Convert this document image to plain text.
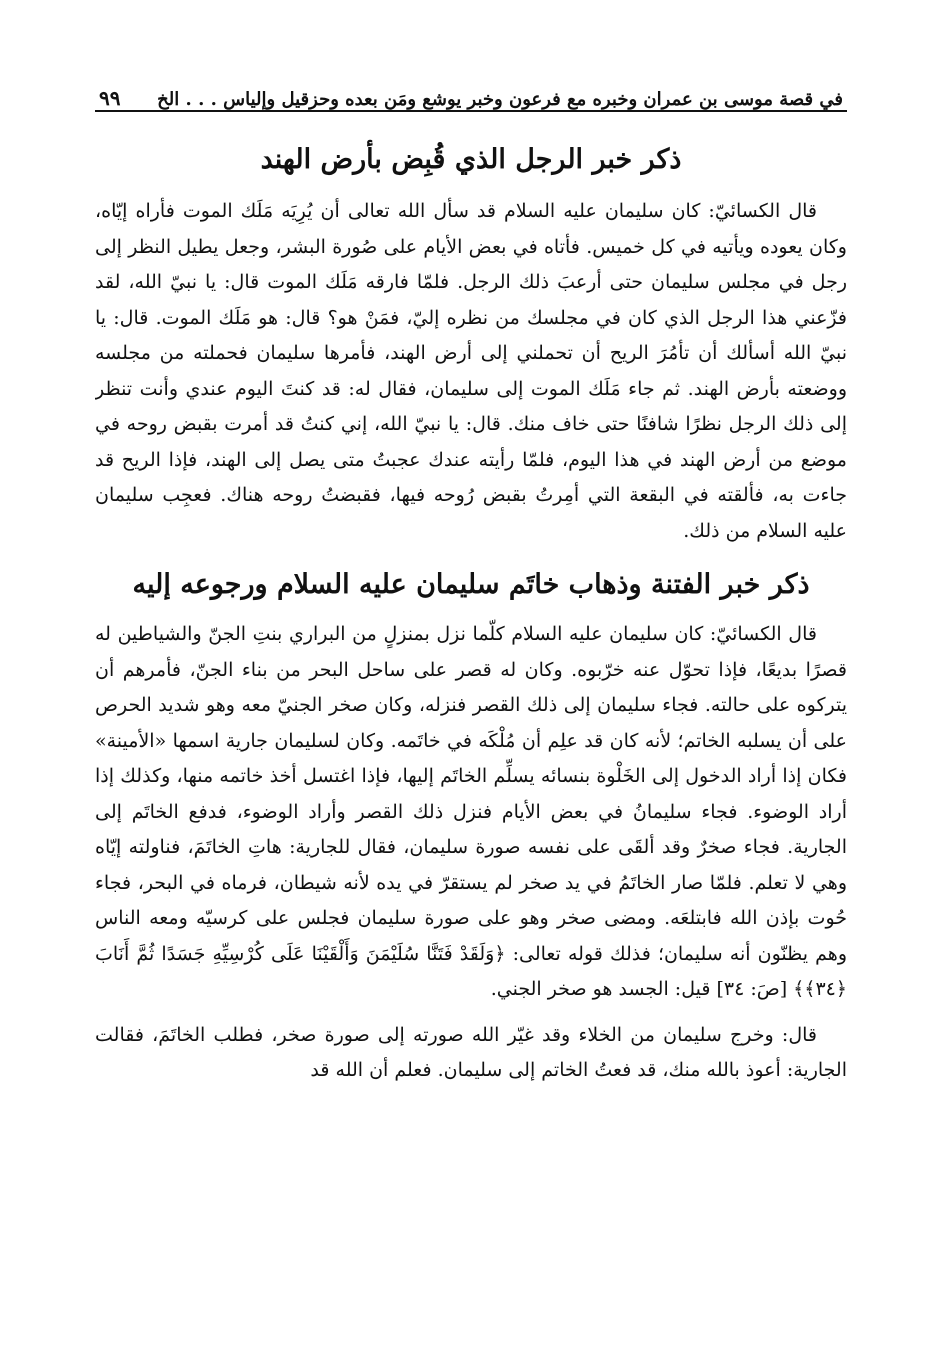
في قصة موسى بن عمران وخبره مع فرعون وخبر يوشع ومَن بعده وحزقيل وإلياس . . . الخ
٩٩
ذكر خبر الرجل الذي قُبِض بأرض الهند

قال الكسائيّ: كان سليمان عليه السلام قد سأل الله تعالى أن يُرِيَه مَلَك الموت فأراه إيّاه، وكان يعوده ويأتيه في كل خميس. فأتاه في بعض الأيام على صُورة البشر، وجعل يطيل النظر إلى رجل في مجلس سليمان حتى أرعبَ ذلك الرجل. فلمّا فارقه مَلَك الموت قال: يا نبيّ الله، لقد فزّعني هذا الرجل الذي كان في مجلسك من نظره إليّ، فمَنْ هو؟ قال: هو مَلَك الموت. قال: يا نبيّ الله أسألك أن تأمُرَ الريح أن تحملني إلى أرض الهند، فأمرها سليمان فحملته من مجلسه ووضعته بأرض الهند. ثم جاء مَلَك الموت إلى سليمان، فقال له: قد كنتَ اليوم عندي وأنت تنظر إلى ذلك الرجل نظرًا شافنًا حتى خاف منك. قال: يا نبيّ الله، إني كنتُ قد أمرت بقبض روحه في موضع من أرض الهند في هذا اليوم، فلمّا رأيته عندك عجبتُ متى يصل إلى الهند، فإذا الريح قد جاءت به، فألقته في البقعة التي أمِرتُ بقبض رُوحه فيها، فقبضتُ روحه هناك. فعجِب سليمان عليه السلام من ذلك.

ذكر خبر الفتنة وذهاب خاتَم سليمان عليه السلام ورجوعه إليه

قال الكسائيّ: كان سليمان عليه السلام كلّما نزل بمنزلٍ من البراري بنتِ الجنّ والشياطين له قصرًا بديعًا، فإذا تحوّل عنه خرّبوه. وكان له قصر على ساحل البحر من بناء الجنّ، فأمرهم أن يتركوه على حالته. فجاء سليمان إلى ذلك القصر فنزله، وكان صخر الجنيّ معه وهو شديد الحرص على أن يسلبه الخاتم؛ لأنه كان قد علِم أن مُلْكَه في خاتَمه. وكان لسليمان جارية اسمها «الأمينة» فكان إذا أراد الدخول إلى الخَلْوة بنسائه يسلِّم الخاتَم إليها، فإذا اغتسل أخذ خاتمه منها، وكذلك إذا أراد الوضوء. فجاء سليمانُ في بعض الأيام فنزل ذلك القصر وأراد الوضوء، فدفع الخاتَم إلى الجارية. فجاء صخرٌ وقد ألقَى على نفسه صورة سليمان، فقال للجارية: هاتِ الخاتَمَ، فناولته إيّاه وهي لا تعلم. فلمّا صار الخاتَمُ في يد صخر لم يستقرّ في يده لأنه شيطان، فرماه في البحر، فجاء حُوت بإذن الله فابتلعَه. ومضى صخر وهو على صورة سليمان فجلس على كرسيّه ومعه الناس وهم يظنّون أنه سليمان؛ فذلك قوله تعالى: ﴿وَلَقَدْ فَتَنَّا سُلَيْمَنَ وَأَلْقَيْنَا عَلَى كُرْسِيِّهِ جَسَدًا ثُمَّ أَنَابَ ﴿٣٤﴾﴾ [صَ: ٣٤] قيل: الجسد هو صخر الجني.

قال: وخرج سليمان من الخلاء وقد غيّر الله صورته إلى صورة صخر، فطلب الخاتَمَ، فقالت الجارية: أعوذ بالله منك، قد فعتُ الخاتم إلى سليمان. فعلم أن الله قد
